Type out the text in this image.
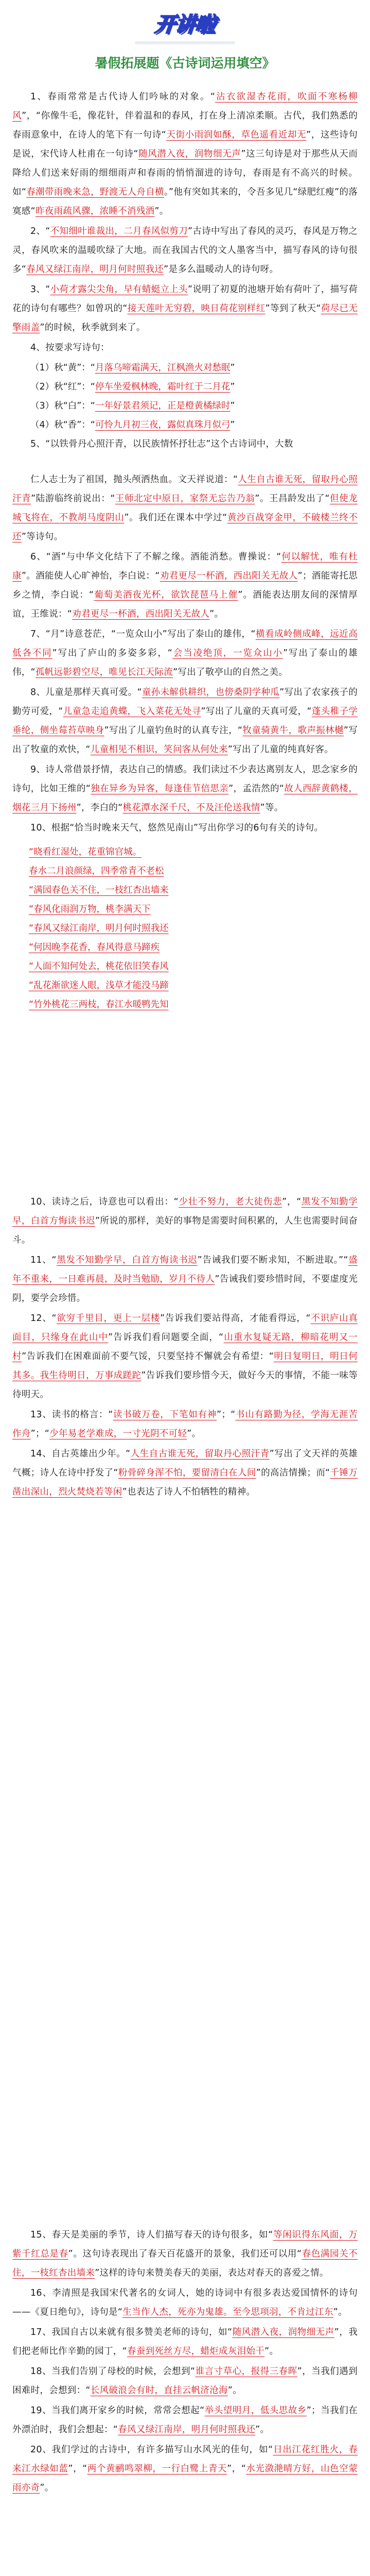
开讲啦
暑假拓展题《古诗词运用填空》
1、春雨常常是古代诗人们吟咏的对象。“沾衣欲湿杏花雨，吹面不寒杨柳风”，“你像牛毛，像花针，伴着温和的春风，打在身上清凉柔顺。古代，我们熟悉的春雨意象中，在诗人的笔下有一句诗“天街小雨润如酥，草色遥看近却无”，这些诗句是说，宋代诗人杜甫在一句诗“随风潜入夜，润物细无声”这三句诗是对于那些从天而降给人们送来好雨的细细雨声和春雨的悄悄溜进的诗句，春雨是有不高兴的时候。如“春潮带雨晚来急，野渡无人舟自横。”他有突如其来的，令吾多见几“绿肥红瘦”的落寞感“昨夜雨疏风骤，浓睡不消残酒”。
2、“不知细叶谁裁出，二月春风似剪刀”古诗中写出了春风的灵巧，春风是万物之灵，春风吹来的温暖吹绿了大地。而在我国古代的文人墨客当中，描写春风的诗句很多“春风又绿江南岸，明月何时照我还”是多么温暖动人的诗句呀。
3、“小荷才露尖尖角，早有蜻蜓立上头”说明了初夏的池塘开始有荷叶了，描写荷花的诗句有哪些？如曾巩的“接天莲叶无穷碧，映日荷花别样红”等到了秋天“荷尽已无擎雨盖”的时候，秋季就到来了。
4、按要求写诗句：
（1）秋“黄”：“月落乌啼霜满天，江枫渔火对愁眠”
（2）秋“红”：“停车坐爱枫林晚，霜叶红于二月花”
（3）秋“白”：“一年好景君须记，正是橙黄橘绿时”
（4）秋“香”：“可怜九月初三夜，露似真珠月似弓”
5、“以铁骨丹心照汗青，以民族情怀抒壮志”这个古诗词中，大数
仁人志士为了祖国，抛头颅洒热血。文天祥说道：“人生自古谁无死，留取丹心照汗青”陆游临终前说出：“王师北定中原日，家祭无忘告乃翁”。王昌龄发出了“但使龙城飞将在，不教胡马度阴山”。我们还在课本中学过“黄沙百战穿金甲，不破楼兰终不还”等诗句。
6、“酒”与中华文化结下了不解之缘。酒能消愁。曹操说：“何以解忧，唯有杜康”。酒能使人心旷神怡，李白说：“劝君更尽一杯酒，西出阳关无故人”；酒能寄托思乡之情，李白说：“葡萄美酒夜光杯，欲饮琵琶马上催”。酒能表达朋友间的深情厚谊，王维说：“劝君更尽一杯酒，西出阳关无故人”。
7、“月”诗意苍茫，“一览众山小”写出了泰山的雄伟，“横看成岭侧成峰，远近高低各不同”写出了庐山的多姿多彩，“会当凌绝顶，一览众山小”写出了泰山的雄伟，“孤帆远影碧空尽，唯见长江天际流”写出了敬亭山的自然之美。
8、儿童是那样天真可爱。“童孙未解供耕织，也傍桑阴学种瓜”写出了农家孩子的勤劳可爱，“儿童急走追黄蝶，飞入菜花无处寻”写出了儿童的天真可爱，“蓬头稚子学垂纶，侧坐莓苔草映身”写出了儿童钓鱼时的认真专注，“牧童骑黄牛，歌声振林樾”写出了牧童的欢快，“儿童相见不相识，笑问客从何处来”写出了儿童的纯真好客。
9、诗人常借景抒情，表达自己的情感。我们读过不少表达离别友人，思念家乡的诗句，比如王维的“独在异乡为异客，每逢佳节倍思亲”，孟浩然的“故人西辞黄鹤楼，烟花三月下扬州”，李白的“桃花潭水深千尺，不及汪伦送我情”等。
10、根据“恰当时晚来天气，悠然见南山”写出你学习的6句有关的诗句。
“晓看红湿处，花重锦官城。
春水二月浪颜绿，四季常青不老松
“满园春色关不住，一枝红杏出墙来
“春风化雨润万物，桃李满天下
“春风又绿江南岸，明月何时照我还
“何因晚李花香，春风得意马蹄疾
“人面不知何处去，桃花依旧笑春风
“乱花渐欲迷人眼，浅草才能没马蹄
“竹外桃花三两枝，春江水暖鸭先知
10、读诗之后，诗意也可以看出：“少壮不努力，老大徒伤悲”，“黑发不知勤学早，白首方悔读书迟”所说的那样，美好的事物是需要时间积累的，人生也需要时间奋斗。
11、“黑发不知勤学早，白首方悔读书迟”告诫我们要不断求知，不断进取。”“盛年不重来，一日难再晨，及时当勉励，岁月不待人”告诫我们要珍惜时间，不要虚度光阴，要学会珍惜。
12、“欲穷千里目，更上一层楼”告诉我们要站得高，才能看得远，“不识庐山真面目，只缘身在此山中”告诉我们看问题要全面，“山重水复疑无路，柳暗花明又一村”告诉我们在困难面前不要气馁，只要坚持不懈就会有希望：“明日复明日，明日何其多。我生待明日，万事成蹉跎”告诉我们要珍惜今天，做好今天的事情，不能一味等待明天。
13、读书的格言：“读书破万卷，下笔如有神”；“书山有路勤为径，学海无涯苦作舟”；“少年易老学难成，一寸光阴不可轻”。
14、自古英雄出少年。“人生自古谁无死，留取丹心照汗青”写出了文天祥的英雄气概；诗人在诗中抒发了“粉骨碎身浑不怕，要留清白在人间”的高洁情操；而“千锤万凿出深山，烈火焚烧若等闲”也表达了诗人不怕牺牲的精神。
15、春天是美丽的季节，诗人们描写春天的诗句很多，如“等闲识得东风面，万紫千红总是春”。这句诗表现出了春天百花盛开的景象，我们还可以用“春色满园关不住，一枝红杏出墙来”这样的诗句来赞美春天的美丽，表达对春天的喜爱之情。
16、李清照是我国宋代著名的女词人，她的诗词中有很多表达爱国情怀的诗句——《夏日绝句》，诗句是“生当作人杰，死亦为鬼雄。至今思项羽，不肯过江东”。
17、我国自古以来就有很多赞美老师的诗句，如“随风潜入夜，润物细无声”，我们把老师比作辛勤的园丁，“春蚕到死丝方尽，蜡炬成灰泪始干”。
18、当我们告别了母校的时候，会想到“谁言寸草心，报得三春晖”，当我们遇到困难时，会想到：“长风破浪会有时，直挂云帆济沧海”。
19、当我们离开家乡的时候，常常会想起“举头望明月，低头思故乡”；当我们在外漂泊时，我们会想起：“春风又绿江南岸，明月何时照我还”。
20、我们学过的古诗中，有许多描写山水风光的佳句，如“日出江花红胜火，春来江水绿如蓝”，“两个黄鹂鸣翠柳，一行白鹭上青天”，“水光潋滟晴方好，山色空蒙雨亦奇”。
